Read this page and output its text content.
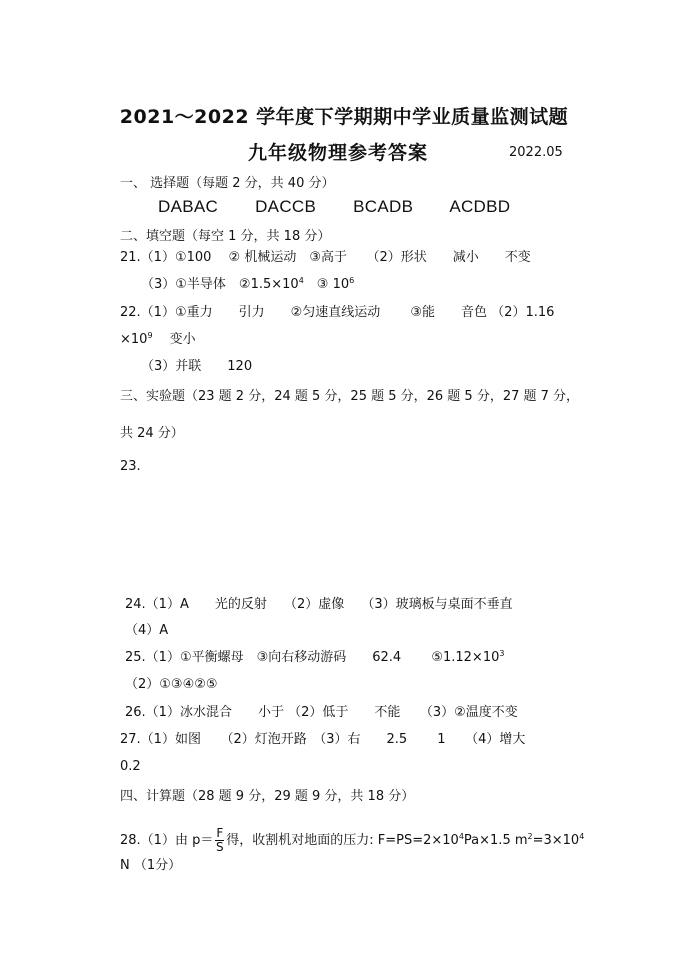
2021～2022 学年度下学期期中学业质量监测试题
九年级物理参考答案	2022.05
一、 选择题（每题 2 分，共 40 分）
DABAC DACCB BCADB ACDBD
二、填空题（每空 1 分，共 18 分）
21.（1）①100　 ② 机械运动　③高于　　（2）形状　　减小　　不变
（3）①半导体　$②1.5\times 10^4$　③ $10^6$
22.（1）①重力　　引力　　②匀速直线运动　　 ③能　　音色 （2）1.16
$\times 10^9$　 变小
（3）并联　　120
三、实验题（23 题 2 分，24 题 5 分，25 题 5 分，26 题 5 分，27 题 7 分，
共 24 分）
23.
24.（1）A　　光的反射　 （2）虚像　 （3）玻璃板与桌面不垂直
（4）A
25.（1）①平衡螺母　③向右移动游码　　62.4　　 $⑤1.12\times 10^3$
（2）①③④②⑤
26.（1）冰水混合　　小于 （2）低于　　不能　　（3）②温度不变
27.（1）如图　　（2）灯泡开路　（3）右　　2.5　　 1　　（4）增大
0.2
四、计算题（28 题 9 分，29 题 9 分，共 18 分）
28.（1）由 $p= \frac{F}{S}$ 得，收割机对地面的压力: $F=PS=2\times 10^4Pa\times 1.5$ $m^2=3\times 10^4$
N （1分）
